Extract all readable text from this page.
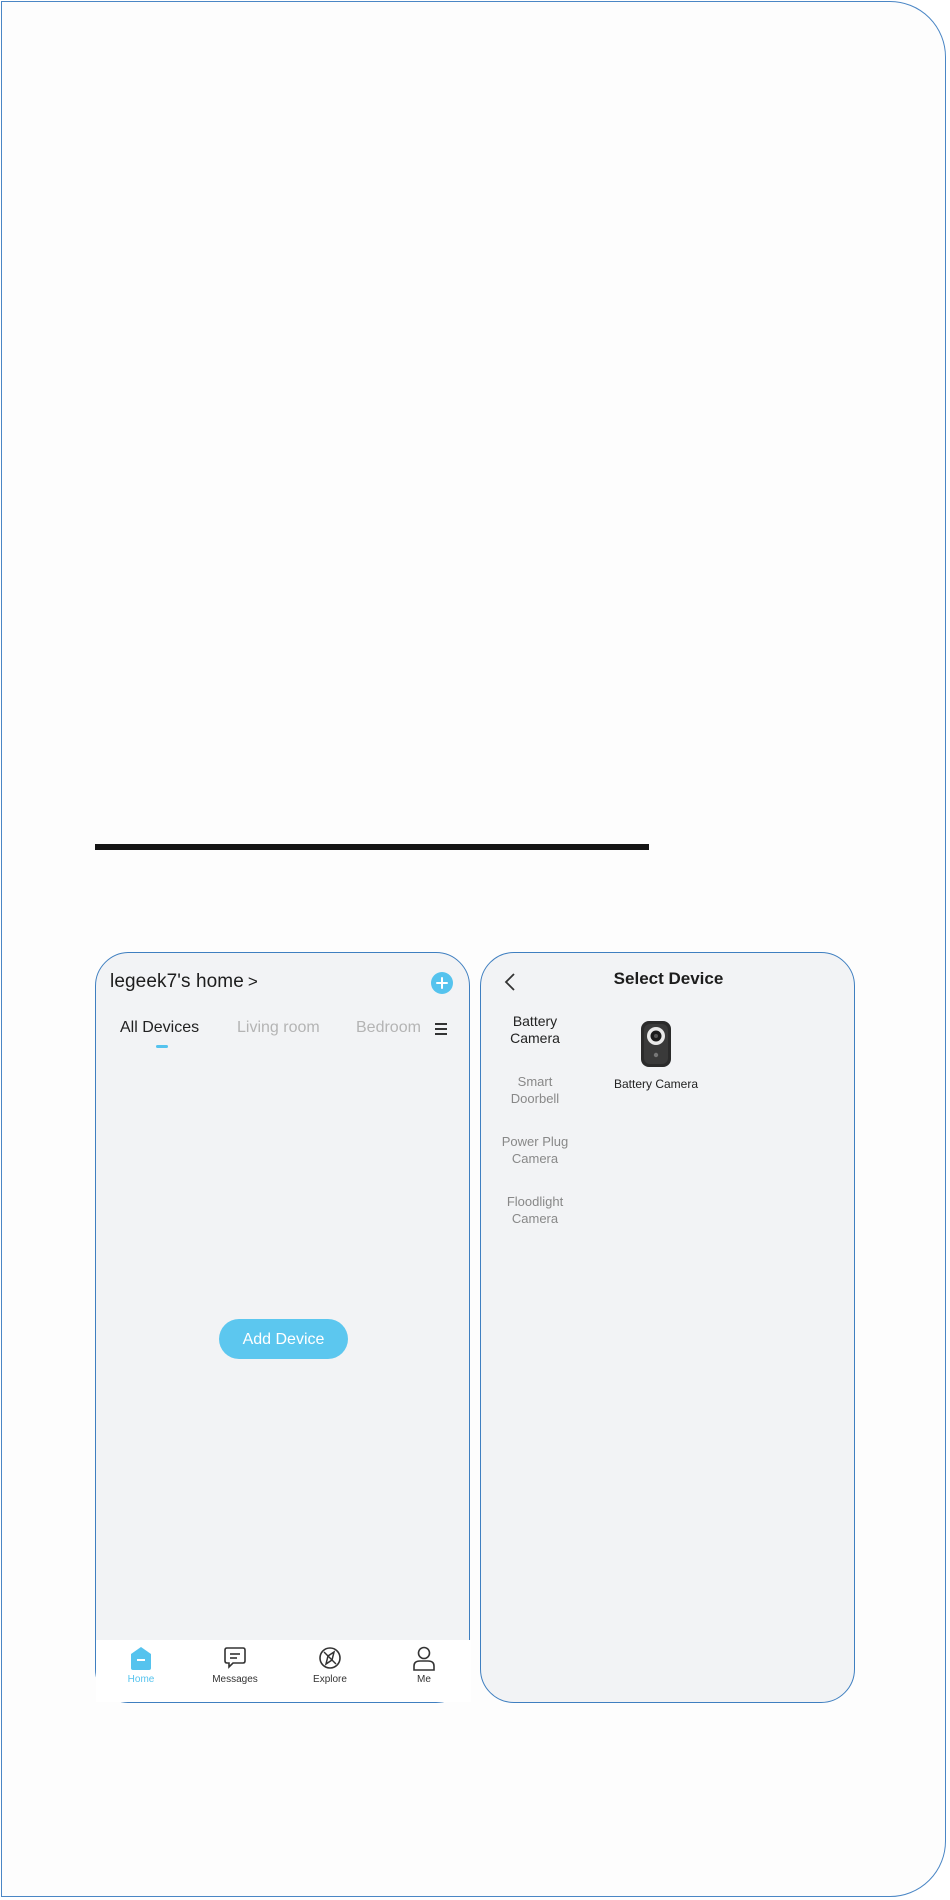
legeek7's home >
All Devices Living room Bedroom
Add Device
Home	Messages	Explore	Me
Select Device
Battery
Camera
Smart
Doorbell
Power Plug
Camera
Floodlight
Camera
Battery Camera
